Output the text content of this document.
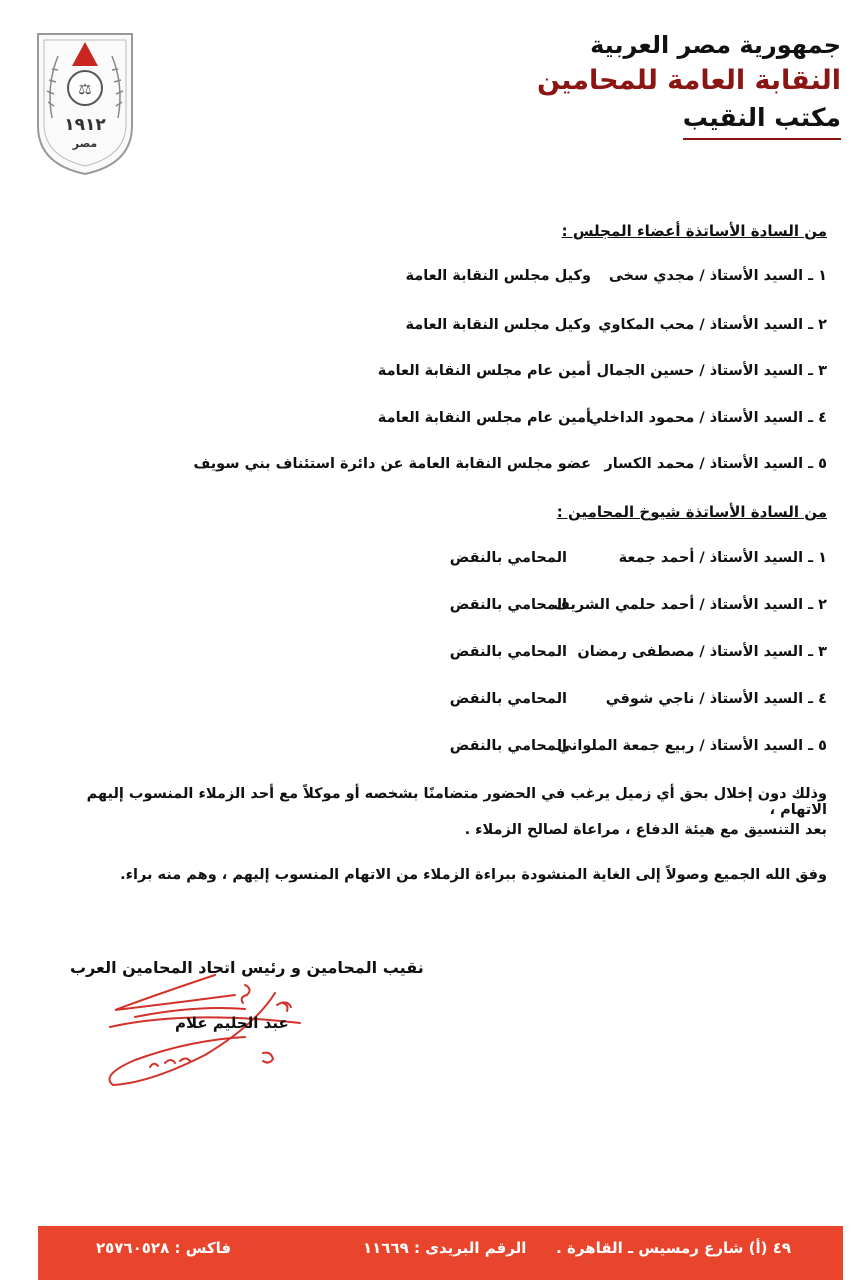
جمهورية مصر العربية
النقابة العامة للمحامين
مكتب النقيب
⚖
١٩١٢
مصر
من السادة الأساتذة أعضاء المجلس :
١ ـ السيد الأستاذ / مجدي سخىوكيل مجلس النقابة العامة
٢ ـ السيد الأستاذ / محب المكاويوكيل مجلس النقابة العامة
٣ ـ السيد الأستاذ / حسين الجمالأمين عام مجلس النقابة العامة
٤ ـ السيد الأستاذ / محمود الداخليأمين عام مجلس النقابة العامة
٥ ـ السيد الأستاذ / محمد الكسارعضو مجلس النقابة العامة عن دائرة استئناف بني سويف
من السادة الأساتذة شيوخ المحامين :
١ ـ السيد الأستاذ / أحمد جمعةالمحامي بالنقض
٢ ـ السيد الأستاذ / أحمد حلمي الشريفالمحامي بالنقض
٣ ـ السيد الأستاذ / مصطفى رمضانالمحامي بالنقض
٤ ـ السيد الأستاذ / ناجي شوقيالمحامي بالنقض
٥ ـ السيد الأستاذ / ربيع جمعة الملوانيالمحامي بالنقض
وذلك دون إخلال بحق أي زميل يرغب في الحضور متضامنًا بشخصه أو موكلاً مع أحد الزملاء المنسوب إليهم الاتهام ،
بعد التنسيق مع هيئة الدفاع ، مراعاة لصالح الزملاء .
وفق الله الجميع وصولاً إلى الغاية المنشودة ببراءة الزملاء من الاتهام المنسوب إليهم ، وهم منه براء.
نقيب المحامين و رئيس اتحاد المحامين العرب
عبد الحليم علام
٤٩ (أ) شارع رمسيس ـ القاهرة .
الرقم البريدى : ١١٦٦٩
فاكس : ٢٥٧٦٠٥٢٨
